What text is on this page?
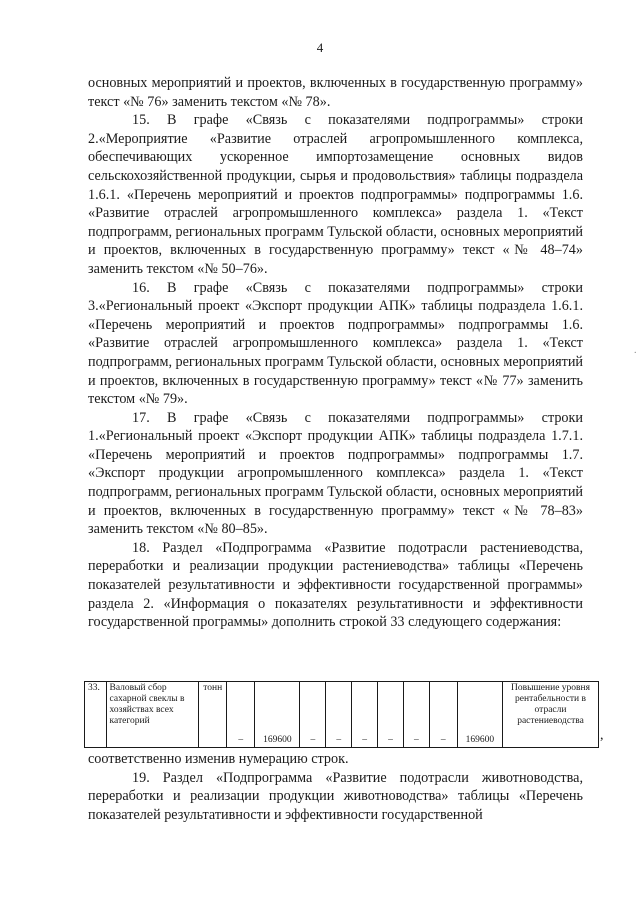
4
.

основных мероприятий и проектов, включенных в государственную программу» текст «№ 76» заменить текстом «№ 78».

15. В графе «Связь с показателями подпрограммы» строки 2.«Мероприятие «Развитие отраслей агропромышленного комплекса, обеспечивающих ускоренное импортозамещение основных видов сельскохозяйственной продукции, сырья и продовольствия» таблицы подраздела 1.6.1. «Перечень мероприятий и проектов подпрограммы» подпрограммы 1.6. «Развитие отраслей агропромышленного комплекса» раздела 1. «Текст подпрограмм, региональных программ Тульской области, основных мероприятий и проектов, включенных в государственную программу» текст «№ 48–74» заменить текстом «№ 50–76».

16. В графе «Связь с показателями подпрограммы» строки 3.«Региональный проект «Экспорт продукции АПК» таблицы подраздела 1.6.1. «Перечень мероприятий и проектов подпрограммы» подпрограммы 1.6. «Развитие отраслей агропромышленного комплекса» раздела 1. «Текст подпрограмм, региональных программ Тульской области, основных мероприятий и проектов, включенных в государственную программу» текст «№ 77» заменить текстом «№ 79».

17. В графе «Связь с показателями подпрограммы» строки 1.«Региональный проект «Экспорт продукции АПК» таблицы подраздела 1.7.1. «Перечень мероприятий и проектов подпрограммы» подпрограммы 1.7. «Экспорт продукции агропромышленного комплекса» раздела 1. «Текст подпрограмм, региональных программ Тульской области, основных мероприятий и проектов, включенных в государственную программу» текст «№ 78–83» заменить текстом «№ 80–85».

18. Раздел «Подпрограмма «Развитие подотрасли растениеводства, переработки и реализации продукции растениеводства» таблицы «Перечень показателей результативности и эффективности государственной программы» раздела 2. «Информация о показателях результативности и эффективности государственной программы» дополнить строкой 33 следующего содержания:

33.	Валовый сбор сахарной свеклы в хозяйствах всех категорий	тонн	–	169600	–	–	–	–	–	–	169600	Повышение уровня рентабельности в отрасли растениеводства
,

соответственно изменив нумерацию строк.

19. Раздел «Подпрограмма «Развитие подотрасли животноводства, переработки и реализации продукции животноводства» таблицы «Перечень показателей результативности и эффективности государственной
